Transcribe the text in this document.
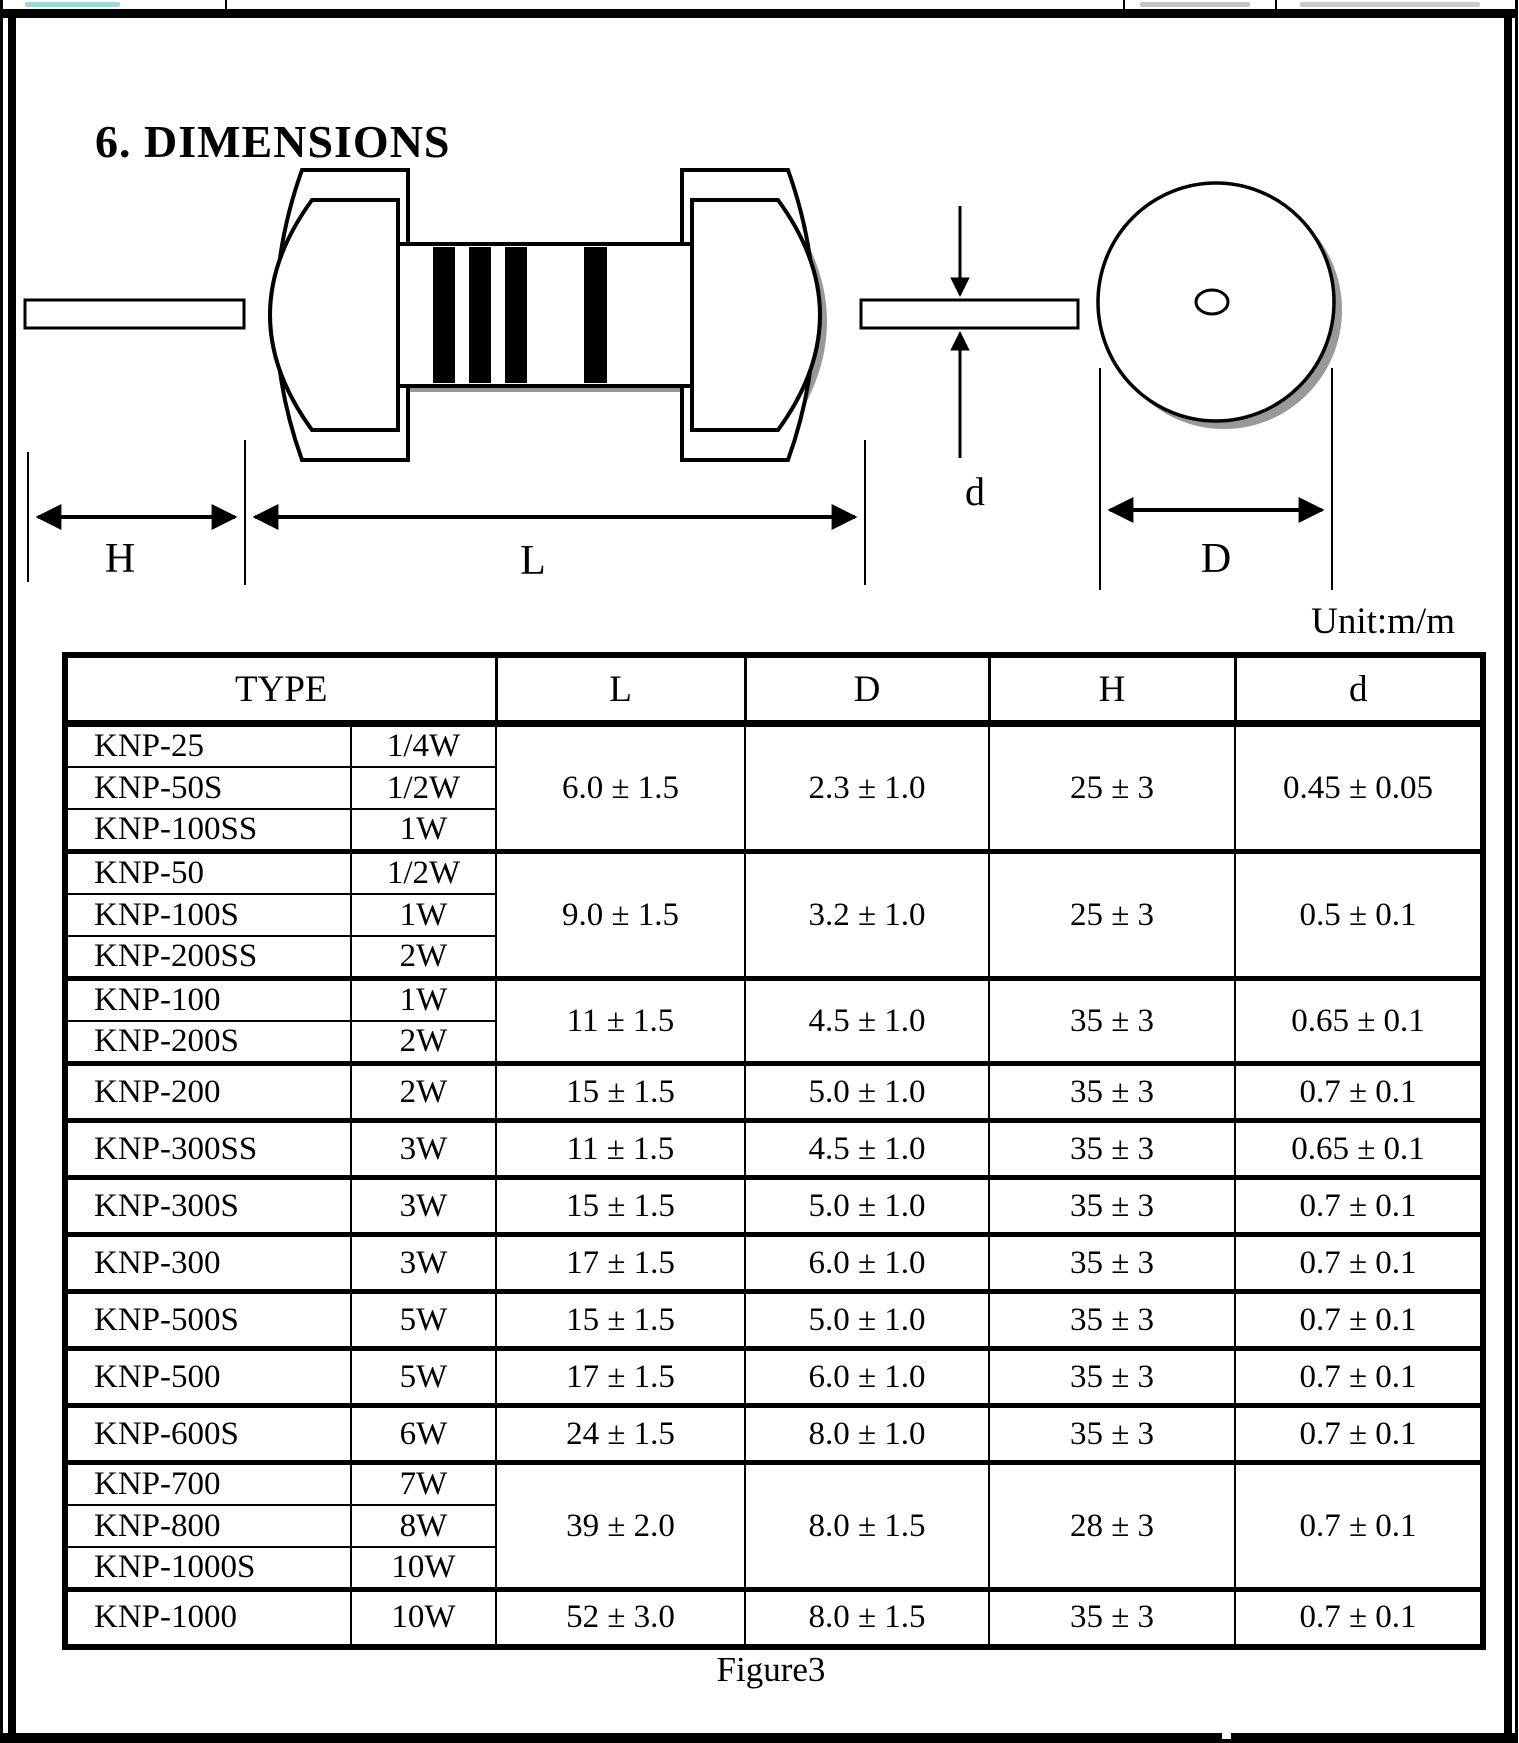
6. DIMENSIONS
H	L
d
D
Unit:m/m
TYPE		L	D	H	d
KNP-25	1/4W	6.0 ± 1.5	2.3 ± 1.0	25 ± 3	0.45 ± 0.05
KNP-50S	1/2W				
KNP-100SS	1W				
KNP-50	1/2W	9.0 ± 1.5	3.2 ± 1.0	25 ± 3	0.5 ± 0.1
KNP-100S	1W				
KNP-200SS	2W				
KNP-100	1W	11 ± 1.5	4.5 ± 1.0	35 ± 3	0.65 ± 0.1
KNP-200S	2W				
KNP-200	2W	15 ± 1.5	5.0 ± 1.0	35 ± 3	0.7 ± 0.1
KNP-300SS	3W	11 ± 1.5	4.5 ± 1.0	35 ± 3	0.65 ± 0.1
KNP-300S	3W	15 ± 1.5	5.0 ± 1.0	35 ± 3	0.7 ± 0.1
KNP-300	3W	17 ± 1.5	6.0 ± 1.0	35 ± 3	0.7 ± 0.1
KNP-500S	5W	15 ± 1.5	5.0 ± 1.0	35 ± 3	0.7 ± 0.1
KNP-500	5W	17 ± 1.5	6.0 ± 1.0	35 ± 3	0.7 ± 0.1
KNP-600S	6W	24 ± 1.5	8.0 ± 1.0	35 ± 3	0.7 ± 0.1
KNP-700	7W	39 ± 2.0	8.0 ± 1.5	28 ± 3	0.7 ± 0.1
KNP-800	8W				
KNP-1000S	10W				
KNP-1000	10W	52 ± 3.0	8.0 ± 1.5	35 ± 3	0.7 ± 0.1
Figure3
